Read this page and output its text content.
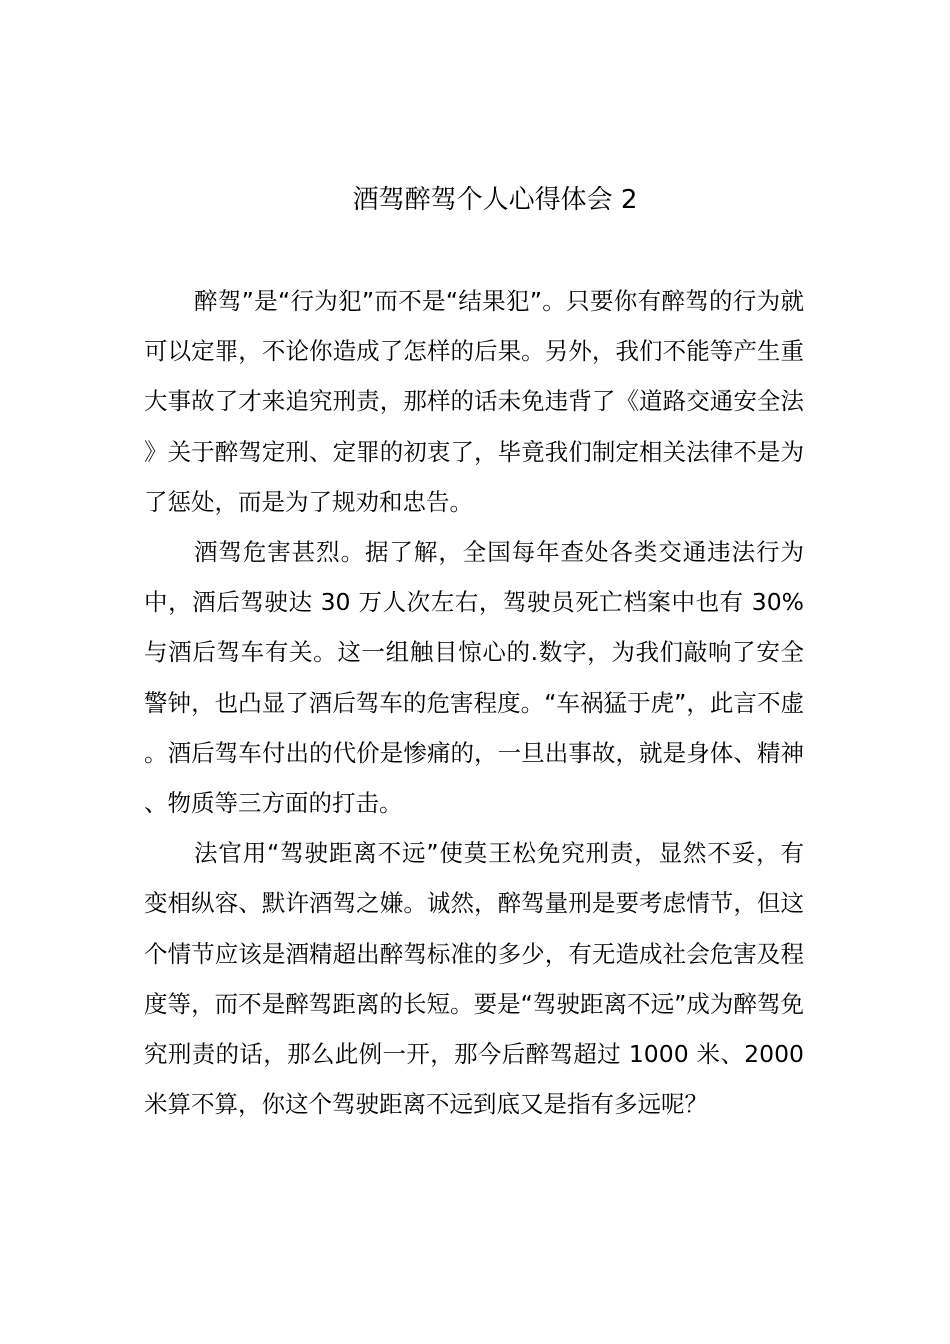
酒驾醉驾个人心得体会 2

醉驾”是“行为犯”而不是“结果犯”。只要你有醉驾的行为就可以定罪，不论你造成了怎样的后果。另外，我们不能等产生重大事故了才来追究刑责，那样的话未免违背了《道路交通安全法》关于醉驾定刑、定罪的初衷了，毕竟我们制定相关法律不是为了惩处，而是为了规劝和忠告。

酒驾危害甚烈。据了解，全国每年查处各类交通违法行为中，酒后驾驶达 30 万人次左右，驾驶员死亡档案中也有 30%与酒后驾车有关。这一组触目惊心的.数字，为我们敲响了安全警钟，也凸显了酒后驾车的危害程度。“车祸猛于虎”，此言不虚。酒后驾车付出的代价是惨痛的，一旦出事故，就是身体、精神、物质等三方面的打击。

法官用“驾驶距离不远”使莫王松免究刑责，显然不妥，有变相纵容、默许酒驾之嫌。诚然，醉驾量刑是要考虑情节，但这个情节应该是酒精超出醉驾标准的多少，有无造成社会危害及程度等，而不是醉驾距离的长短。要是“驾驶距离不远”成为醉驾免究刑责的话，那么此例一开，那今后醉驾超过 1000 米、2000 米算不算，你这个驾驶距离不远到底又是指有多远呢？
